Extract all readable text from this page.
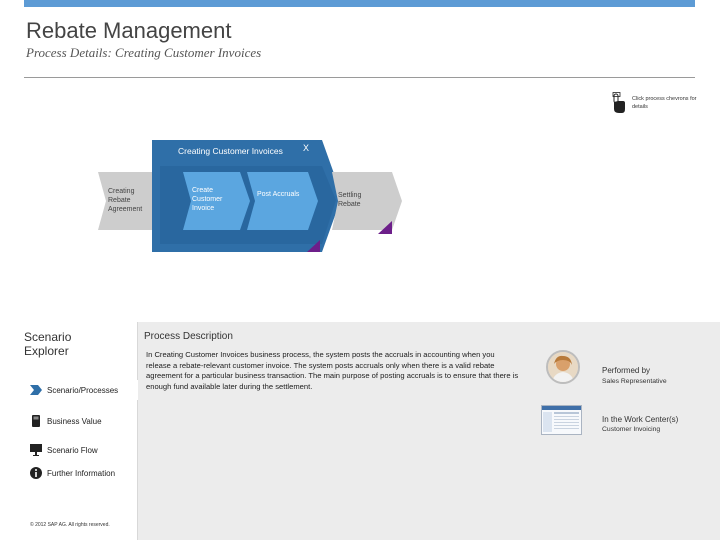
Rebate Management
Process Details: Creating Customer Invoices
Click process chevrons for details
Creating Rebate Agreement
Create Customer Invoice
Post Accruals	Settling Rebate
Creating Customer Invoices X
Process Description
In Creating Customer Invoices business process, the system posts the accruals in accounting when you release a rebate-relevant customer invoice. The system posts accruals only when there is a valid rebate agreement for a particular business transaction. The main purpose of posting accruals is to ensure that there is enough fund available later during the settlement.
Performed by
Sales Representative
In the Work Center(s)
Customer Invoicing
Scenario Explorer
Scenario/Processes
Business Value
Scenario Flow
Further Information
© 2012 SAP AG. All rights reserved.
